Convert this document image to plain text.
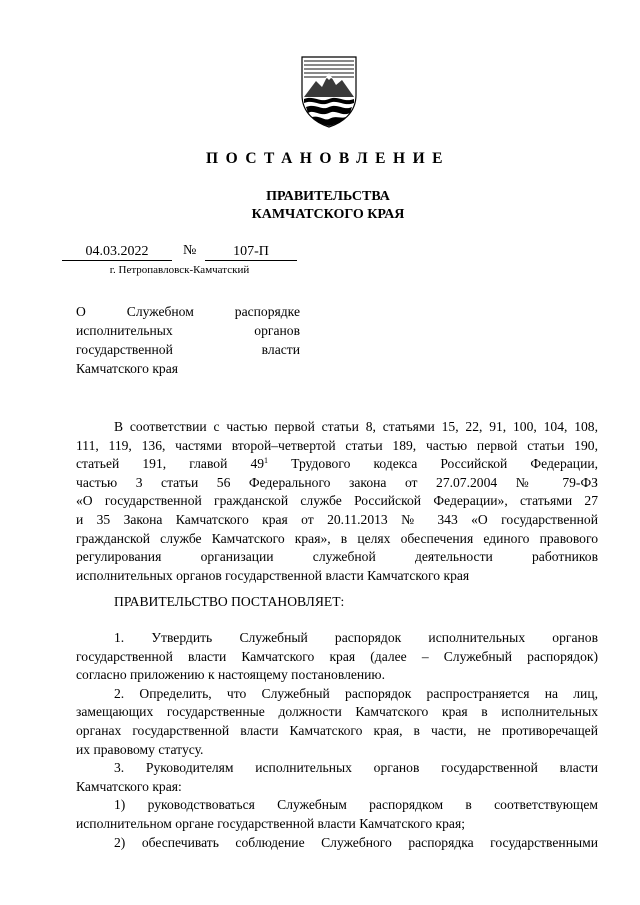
ПОСТАНОВЛЕНИЕ
ПРАВИТЕЛЬСТВА
КАМЧАТСКОГО КРАЯ
04.03.2022	№	107-П
г. Петропавловск-Камчатский
О Служебном распорядке
исполнительных органов
государственной власти
Камчатского края
В соответствии с частью первой статьи 8, статьями 15, 22, 91, 100, 104, 108,
111, 119, 136, частями второй–четвертой статьи 189, частью первой статьи 190,
статьей 191, главой $49^1$ Трудового кодекса Российской Федерации,
частью 3 статьи 56 Федерального закона от 27.07.2004 № 79-ФЗ
«О государственной гражданской службе Российской Федерации», статьями 27
и 35 Закона Камчатского края от 20.11.2013 № 343 «О государственной
гражданской службе Камчатского края», в целях обеспечения единого правового
регулирования организации служебной деятельности работников
исполнительных органов государственной власти Камчатского края
ПРАВИТЕЛЬСТВО ПОСТАНОВЛЯЕТ:
1. Утвердить Служебный распорядок исполнительных органов
государственной власти Камчатского края (далее – Служебный распорядок)
согласно приложению к настоящему постановлению.
2. Определить, что Служебный распорядок распространяется на лиц,
замещающих государственные должности Камчатского края в исполнительных
органах государственной власти Камчатского края, в части, не противоречащей
их правовому статусу.
3. Руководителям исполнительных органов государственной власти
Камчатского края:
1) руководствоваться Служебным распорядком в соответствующем
исполнительном органе государственной власти Камчатского края;
2) обеспечивать соблюдение Служебного распорядка государственными
